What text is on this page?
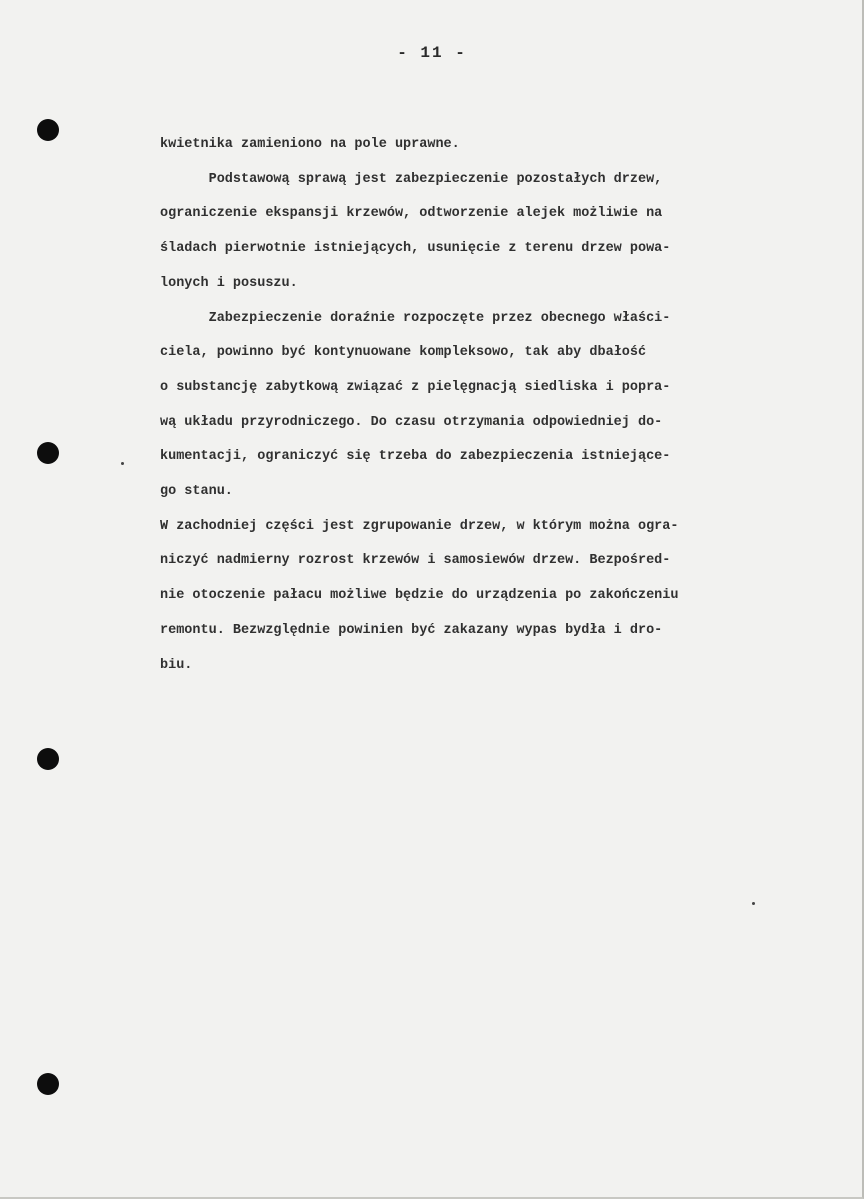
- 11 -
kwietnika zamieniono na pole uprawne.
Podstawową sprawą jest zabezpieczenie pozostałych drzew,
ograniczenie ekspansji krzewów, odtworzenie alejek możliwie na
śladach pierwotnie istniejących, usunięcie z terenu drzew powa-
lonych i posuszu.
Zabezpieczenie doraźnie rozpoczęte przez obecnego właści-
ciela, powinno być kontynuowane kompleksowo, tak aby dbałość
o substancję zabytkową związać z pielęgnacją siedliska i popra-
wą układu przyrodniczego. Do czasu otrzymania odpowiedniej do-
kumentacji, ograniczyć się trzeba do zabezpieczenia istniejące-
go stanu.
W zachodniej części jest zgrupowanie drzew, w którym można ogra-
niczyć nadmierny rozrost krzewów i samosiewów drzew. Bezpośred-
nie otoczenie pałacu możliwe będzie do urządzenia po zakończeniu
remontu. Bezwzględnie powinien być zakazany wypas bydła i dro-
biu.
